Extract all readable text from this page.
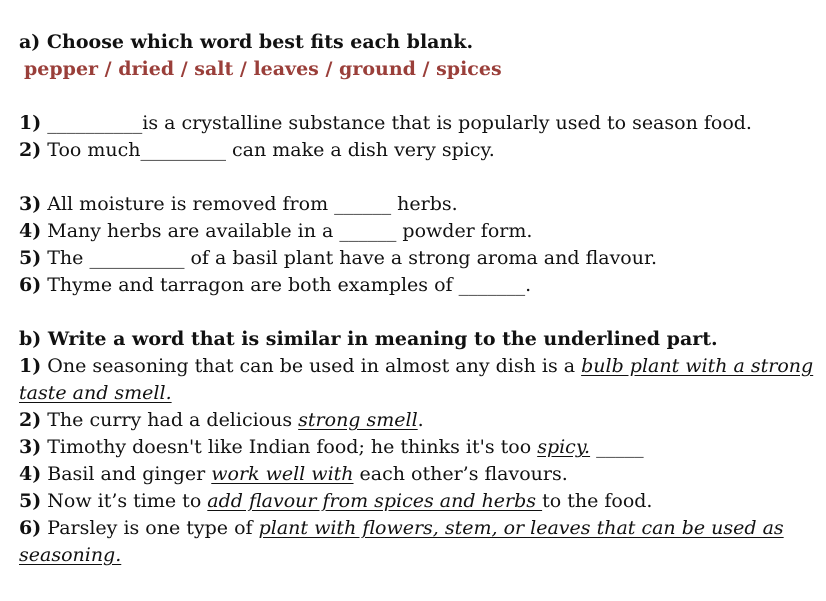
a) Choose which word best fits each blank.
pepper / dried / salt / leaves / ground / spices
1) __________is a crystalline substance that is popularly used to season food.
2) Too much_________ can make a dish very spicy.
3) All moisture is removed from ______ herbs.
4) Many herbs are available in a ______ powder form.
5) The __________ of a basil plant have a strong aroma and flavour.
6) Thyme and tarragon are both examples of _______.
b) Write a word that is similar in meaning to the underlined part.
1) One seasoning that can be used in almost any dish is a bulb plant with a strong
taste and smell.
2) The curry had a delicious strong smell.
3) Timothy doesn't like Indian food; he thinks it's too spicy. _____
4) Basil and ginger work well with each other’s flavours.
5) Now it’s time to add flavour from spices and herbs to the food.
6) Parsley is one type of plant with flowers, stem, or leaves that can be used as
seasoning.
